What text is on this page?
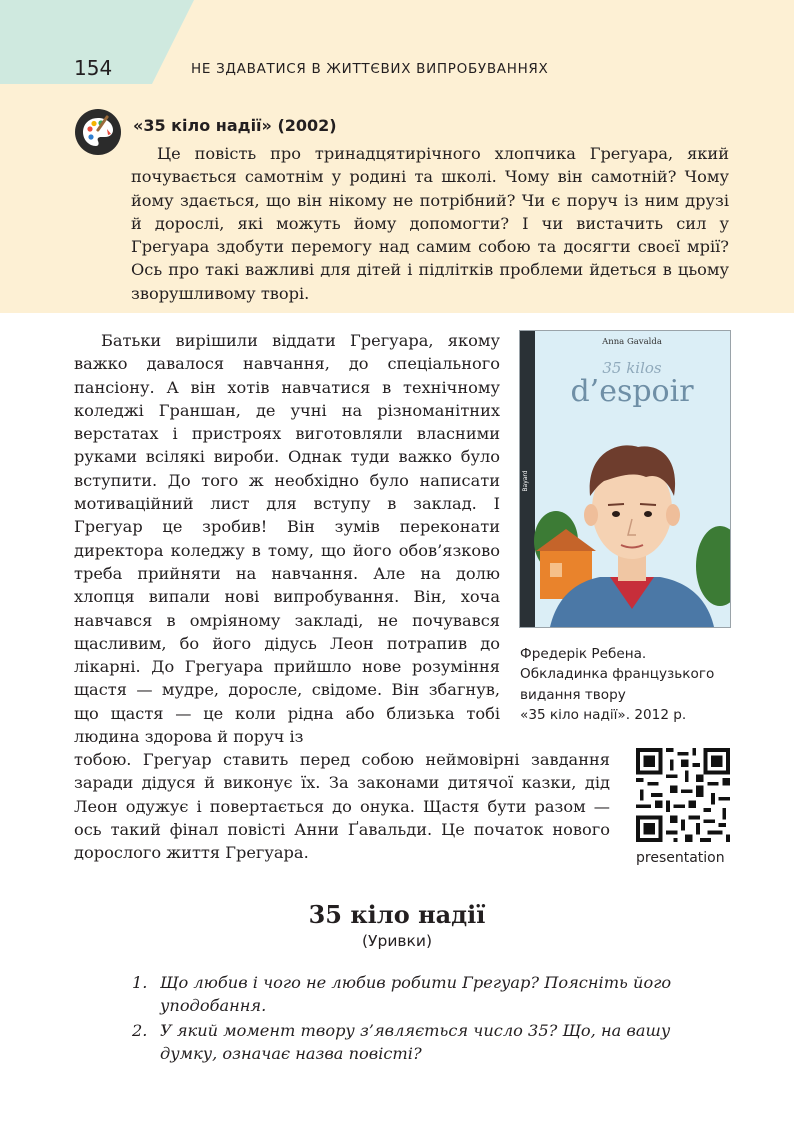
154	НЕ ЗДАВАТИСЯ В ЖИТТЄВИХ ВИПРОБУВАННЯХ
«35 кіло надії» (2002)

Це повість про тринадцятирічного хлопчика Грегуара, який почувається самотнім у родині та школі. Чому він самотній? Чому йому здається, що він нікому не потрібний? Чи є поруч із ним друзі й дорослі, які можуть йому допомогти? І чи вистачить сил у Грегуара здобути перемогу над самим собою та досягти своєї мрії? Ось про такі важливі для дітей і підлітків проблеми йдеться в цьому зворушливому творі.

Батьки вирішили віддати Грегуара, якому важко давалося навчання, до спеціального пансіону. А він хотів навчатися в технічному коледжі Граншан, де учні на різноманітних верстатах і пристроях виготовляли власними руками всілякі вироби. Однак туди важко було вступити. До того ж необхідно було написати мотиваційний лист для вступу в заклад. І Грегуар це зробив! Він зумів переконати директора коледжу в тому, що його обов’язково треба прийняти на навчання. Але на долю хлопця випали нові випробування. Він, хоча навчався в омріяному закладі, не почувався щасливим, бо його дідусь Леон потрапив до лікарні. До Грегуара прийшло нове розуміння щастя — мудре, доросле, свідоме. Він збагнув, що щастя — це коли рідна або близька тобі людина здорова й поруч із

Bayard
Anna Gavalda
35 kilos
d’espoir
Фредерік Ребена.
Обкладинка французького
видання твору
«35 кіло надії». 2012 р.

тобою. Грегуар ставить перед собою неймовірні завдання заради дідуся й виконує їх. За законами дитячої казки, дід Леон одужує і повертається до онука. Щастя бути разом — ось такий фінал повісті Анни Ґавальди. Це початок нового дорослого життя Грегуара.	presentation
35 кіло надії
(Уривки)
1. Що любив і чого не любив робити Грегуар? Поясніть його уподобання.
2. У який момент твору з’являється число 35? Що, на вашу думку, означає назва повісті?
